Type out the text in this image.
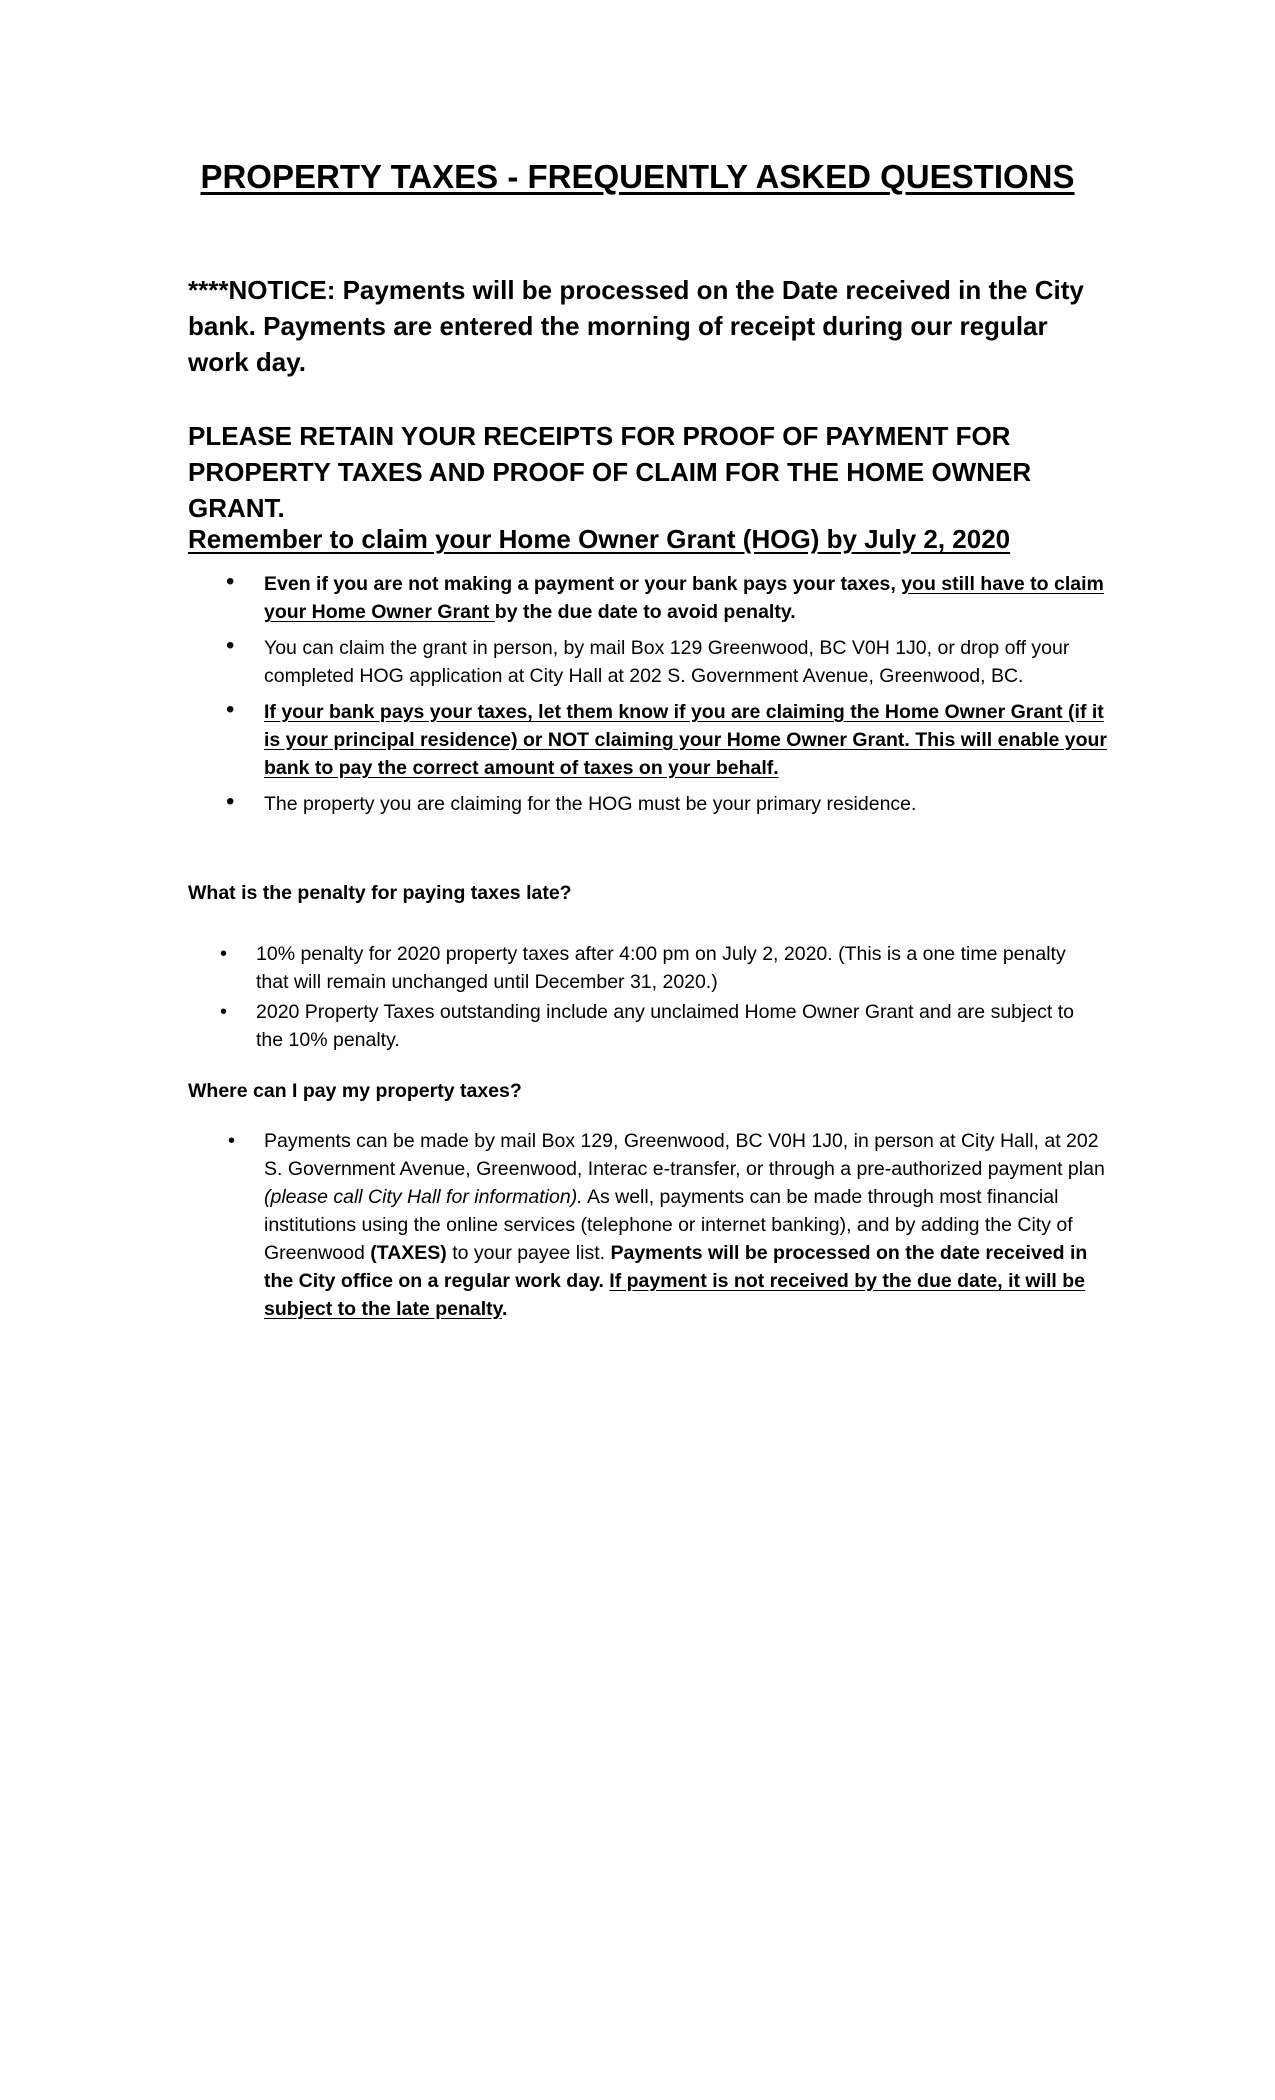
PROPERTY TAXES - FREQUENTLY ASKED QUESTIONS
****NOTICE: Payments will be processed on the Date received in the City bank. Payments are entered the morning of receipt during our regular work day.
PLEASE RETAIN YOUR RECEIPTS FOR PROOF OF PAYMENT FOR PROPERTY TAXES AND PROOF OF CLAIM FOR THE HOME OWNER GRANT.
Remember to claim your Home Owner Grant (HOG) by July 2, 2020
• Even if you are not making a payment or your bank pays your taxes, you still have to claim your Home Owner Grant by the due date to avoid penalty.
• You can claim the grant in person, by mail Box 129 Greenwood, BC V0H 1J0, or drop off your completed HOG application at City Hall at 202 S. Government Avenue, Greenwood, BC.
• If your bank pays your taxes, let them know if you are claiming the Home Owner Grant (if it is your principal residence) or NOT claiming your Home Owner Grant. This will enable your bank to pay the correct amount of taxes on your behalf.
• The property you are claiming for the HOG must be your primary residence.
What is the penalty for paying taxes late?
• 10% penalty for 2020 property taxes after 4:00 pm on July 2, 2020. (This is a one time penalty that will remain unchanged until December 31, 2020.)
• 2020 Property Taxes outstanding include any unclaimed Home Owner Grant and are subject to the 10% penalty.
Where can I pay my property taxes?
• Payments can be made by mail Box 129, Greenwood, BC V0H 1J0, in person at City Hall, at 202 S. Government Avenue, Greenwood, Interac e-transfer, or through a pre-authorized payment plan (please call City Hall for information). As well, payments can be made through most financial institutions using the online services (telephone or internet banking), and by adding the City of Greenwood (TAXES) to your payee list. Payments will be processed on the date received in the City office on a regular work day. If payment is not received by the due date, it will be subject to the late penalty.
